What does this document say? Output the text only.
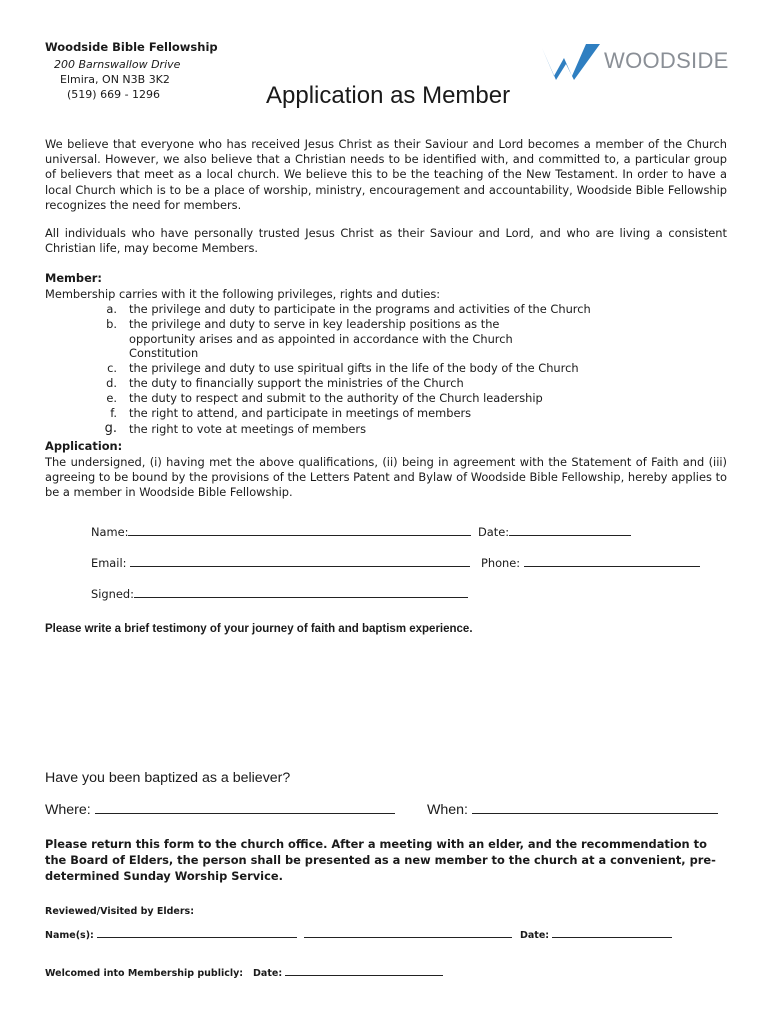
Woodside Bible Fellowship
200 Barnswallow Drive
Elmira, ON N3B 3K2
(519) 669 - 1296
WOODSIDE
Application as Member
We believe that everyone who has received Jesus Christ as their Saviour and Lord becomes a member of the Church universal. However, we also believe that a Christian needs to be identified with, and committed to, a particular group of believers that meet as a local church. We believe this to be the teaching of the New Testament. In order to have a local Church which is to be a place of worship, ministry, encouragement and accountability, Woodside Bible Fellowship recognizes the need for members.
All individuals who have personally trusted Jesus Christ as their Saviour and Lord, and who are living a consistent Christian life, may become Members.
Member:
Membership carries with it the following privileges, rights and duties:
a.	the privilege and duty to participate in the programs and activities of the Church
b.	the privilege and duty to serve in key leadership positions as the opportunity arises and as appointed in accordance with the Church Constitution
c.	the privilege and duty to use spiritual gifts in the life of the body of the Church
d.	the duty to financially support the ministries of the Church
e.	the duty to respect and submit to the authority of the Church leadership
f.	the right to attend, and participate in meetings of members
g.	the right to vote at meetings of members
Application:
The undersigned, (i) having met the above qualifications, (ii) being in agreement with the Statement of Faith and (iii) agreeing to be bound by the provisions of the Letters Patent and Bylaw of Woodside Bible Fellowship, hereby applies to be a member in Woodside Bible Fellowship.
Name:	Date:
Email:	Phone:
Signed:
Please write a brief testimony of your journey of faith and baptism experience.
Have you been baptized as a believer?
Where:	When:
Please return this form to the church office. After a meeting with an elder, and the recommendation to the Board of Elders, the person shall be presented as a new member to the church at a convenient, pre-determined Sunday Worship Service.
Reviewed/Visited by Elders:
Name(s):	Date:
Welcomed into Membership publicly: Date:
